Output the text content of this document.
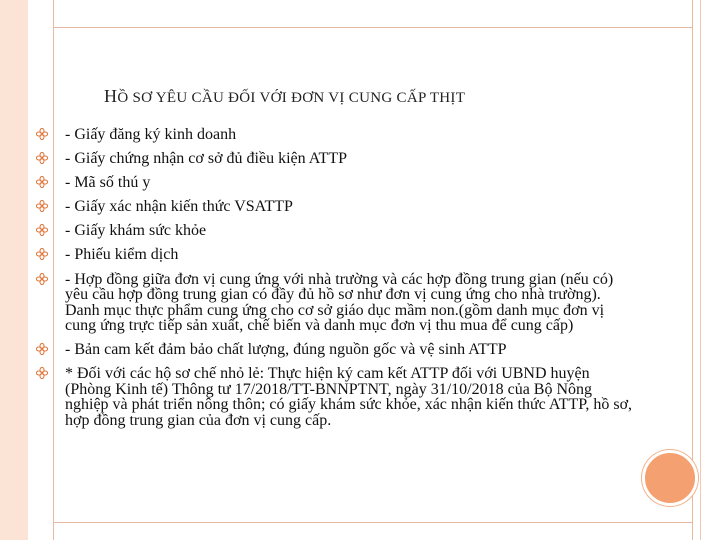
HỒ SƠ YÊU CẦU ĐỐI VỚI ĐƠN VỊ CUNG CẤP THỊT
- Giấy đăng ký kinh doanh
- Giấy chứng nhận cơ sở đủ điều kiện ATTP
- Mã số thú y
- Giấy xác nhận kiến thức VSATTP
- Giấy khám sức khỏe
- Phiếu kiểm dịch
- Hợp đồng giữa đơn vị cung ứng với nhà trường và các hợp đồng trung gian (nếu có) yêu cầu hợp đồng trung gian có đầy đủ hồ sơ như đơn vị cung ứng cho nhà trường). Danh mục thực phẩm cung ứng cho cơ sở giáo dục mầm non.(gồm danh mục đơn vị cung ứng trực tiếp sản xuất, chế biến và danh mục đơn vị thu mua để cung cấp)
- Bản cam kết đảm bảo chất lượng, đúng nguồn gốc và vệ sinh ATTP
* Đối với các hộ sơ chế nhỏ lẻ: Thực hiện ký cam kết ATTP đối với UBND huyện (Phòng Kinh tế) Thông tư 17/2018/TT-BNNPTNT, ngày 31/10/2018 của Bộ Nông nghiệp và phát triển nông thôn; có giấy khám sức khỏe, xác nhận kiến thức ATTP, hồ sơ, hợp đồng trung gian của đơn vị cung cấp.
